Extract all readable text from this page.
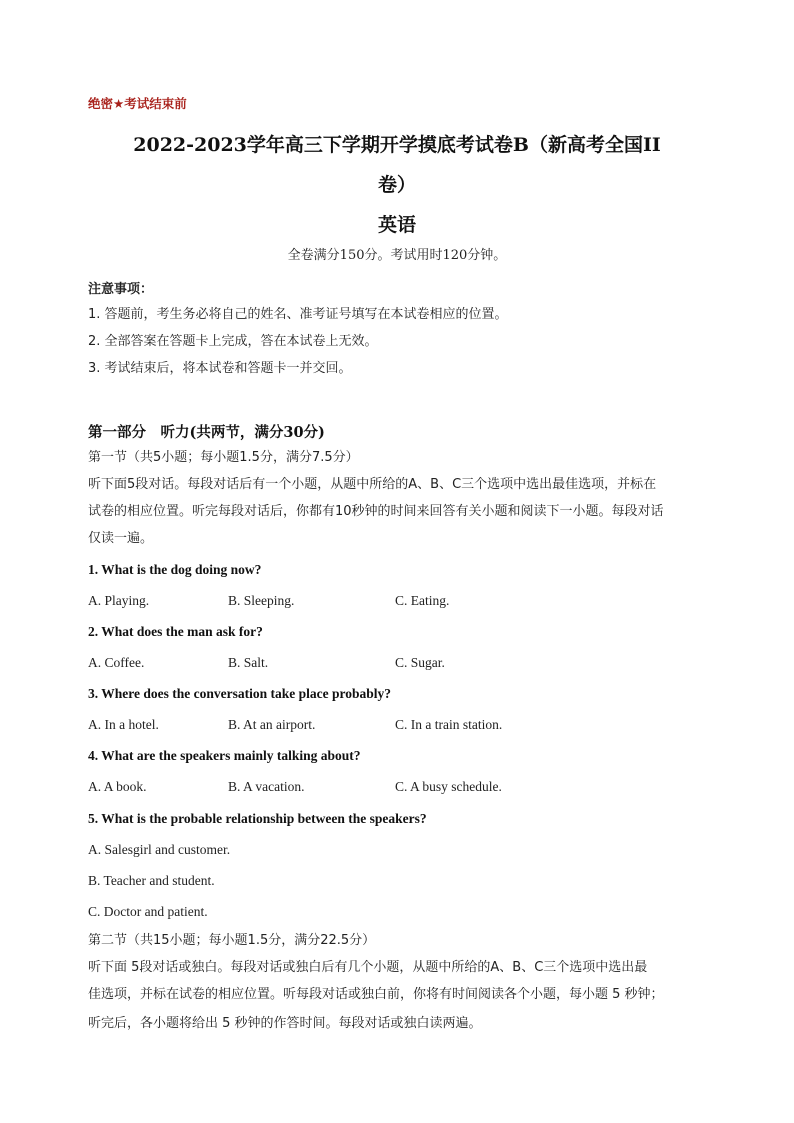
绝密★考试结束前
2022-2023学年高三下学期开学摸底考试卷B（新高考全国II
卷）
英语
全卷满分150分。考试用时120分钟。
注意事项：
1. 答题前，考生务必将自己的姓名、准考证号填写在本试卷相应的位置。
2. 全部答案在答题卡上完成，答在本试卷上无效。
3. 考试结束后，将本试卷和答题卡一并交回。
第一部分　听力(共两节，满分30分)
第一节（共5小题；每小题1.5分，满分7.5分）
听下面5段对话。每段对话后有一个小题，从题中所给的A、B、C三个选项中选出最佳选项，并标在
试卷的相应位置。听完每段对话后，你都有10秒钟的时间来回答有关小题和阅读下一小题。每段对话
仅读一遍。
1. What is the dog doing now?
A. Playing.	B. Sleeping.	C. Eating.
2. What does the man ask for?
A. Coffee.	B. Salt.	C. Sugar.
3. Where does the conversation take place probably?
A. In a hotel.	B. At an airport.	C. In a train station.
4. What are the speakers mainly talking about?
A. A book.	B. A vacation.	C. A busy schedule.
5. What is the probable relationship between the speakers?
A. Salesgirl and customer.
B. Teacher and student.
C. Doctor and patient.
第二节（共15小题；每小题1.5分，满分22.5分）
听下面 5段对话或独白。每段对话或独白后有几个小题，从题中所给的A、B、C三个选项中选出最
佳选项，并标在试卷的相应位置。听每段对话或独白前，你将有时间阅读各个小题，每小题 5 秒钟；
听完后，各小题将给出 5 秒钟的作答时间。每段对话或独白读两遍。
